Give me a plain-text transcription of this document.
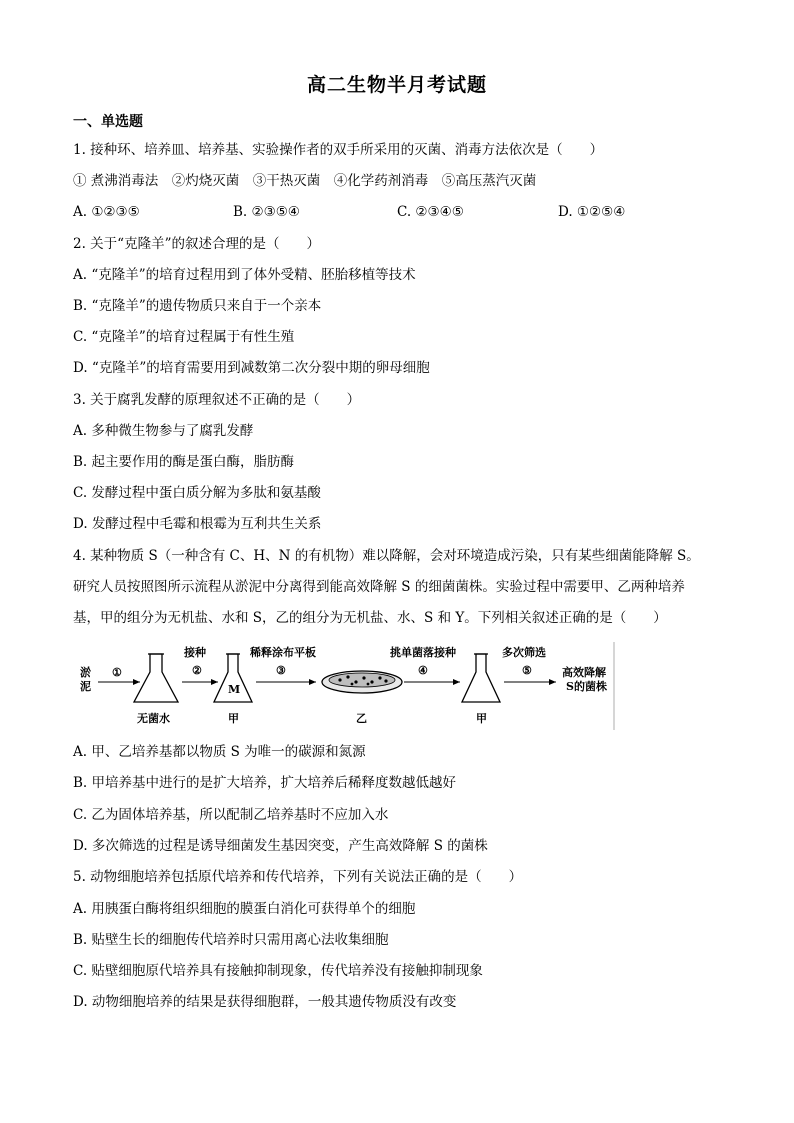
高二生物半月考试题
一、单选题
1. 接种环、培养皿、培养基、实验操作者的双手所采用的灭菌、消毒方法依次是（　　）
① 煮沸消毒法　②灼烧灭菌　③干热灭菌　④化学药剂消毒　⑤高压蒸汽灭菌
A. ①②③⑤	B. ②③⑤④	C. ②③④⑤	D. ①②⑤④
2. 关于“克隆羊”的叙述合理的是（　　）
A. “克隆羊”的培育过程用到了体外受精、胚胎移植等技术
B. “克隆羊”的遗传物质只来自于一个亲本
C. “克隆羊”的培育过程属于有性生殖
D. “克隆羊”的培育需要用到减数第二次分裂中期的卵母细胞
3. 关于腐乳发酵的原理叙述不正确的是（　　）
A. 多种微生物参与了腐乳发酵
B. 起主要作用的酶是蛋白酶，脂肪酶
C. 发酵过程中蛋白质分解为多肽和氨基酸
D. 发酵过程中毛霉和根霉为互利共生关系
4. 某种物质 S（一种含有 C、H、N 的有机物）难以降解，会对环境造成污染，只有某些细菌能降解 S。
研究人员按照图所示流程从淤泥中分离得到能高效降解 S 的细菌菌株。实验过程中需要甲、乙两种培养
基，甲的组分为无机盐、水和 S，乙的组分为无机盐、水、S 和 Y。下列相关叙述正确的是（　　）
淤
泥
①
无菌水
接种
②
M
甲
稀释涂布平板
③
乙
挑单菌落接种
④
甲
多次筛选
⑤	高效降解
S的菌株
A. 甲、乙培养基都以物质 S 为唯一的碳源和氮源
B. 甲培养基中进行的是扩大培养，扩大培养后稀释度数越低越好
C. 乙为固体培养基，所以配制乙培养基时不应加入水
D. 多次筛选的过程是诱导细菌发生基因突变，产生高效降解 S 的菌株
5. 动物细胞培养包括原代培养和传代培养，下列有关说法正确的是（　　）
A. 用胰蛋白酶将组织细胞的膜蛋白消化可获得单个的细胞
B. 贴壁生长的细胞传代培养时只需用离心法收集细胞
C. 贴壁细胞原代培养具有接触抑制现象，传代培养没有接触抑制现象
D. 动物细胞培养的结果是获得细胞群，一般其遗传物质没有改变
